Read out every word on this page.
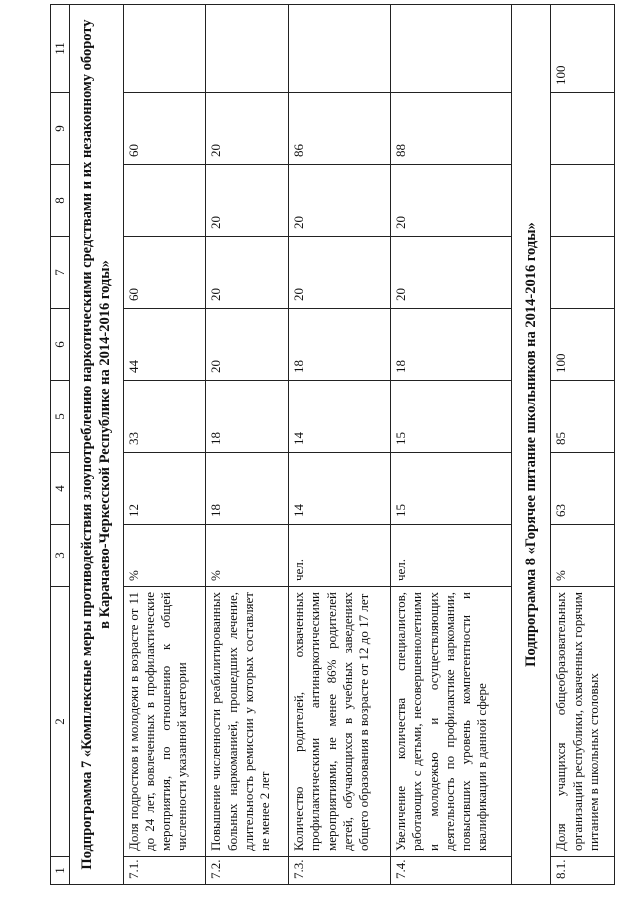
1	2	3	4	5	6	7	8	9	11
Подпрограмма 7 «Комплексные меры противодействия злоупотреблению наркотическими средствами и их незаконному обороту в Карачаево-Черкесской Республике на 2014-2016 годы»									
7.1.	Доля подростков и молодежи в возрасте от 11 до 24 лет, вовлеченных в профилактические мероприятия, по отношению к общей численности указанной категории	%	12	33	44	60		60	
7.2.	Повышение численности реабилитированных больных наркоманией, прошедших лечение, длительность ремиссии у которых составляет не менее 2 лет	%	18	18	20	20	20	20	
7.3.	Количество родителей, охваченных профилактическими антинаркотическими мероприятиями, не менее 86% родителей детей, обучающихся в учебных заведениях общего образования в возрасте от 12 до 17 лет	чел.	14	14	18	20	20	86	
7.4.	Увеличение количества специалистов, работающих с детьми, несовершеннолетними и молодежью и осуществляющих деятельность по профилактике наркомании, повысивших уровень компетентности и квалификации в данной сфере	чел.	15	15	18	20	20	88	
Подпрограмма 8 «Горячее питание школьников на 2014-2016 годы»									
8.1.	Доля учащихся общеобразовательных организаций республики, охваченных горячим питанием в школьных столовых	%	63	85	100				100
